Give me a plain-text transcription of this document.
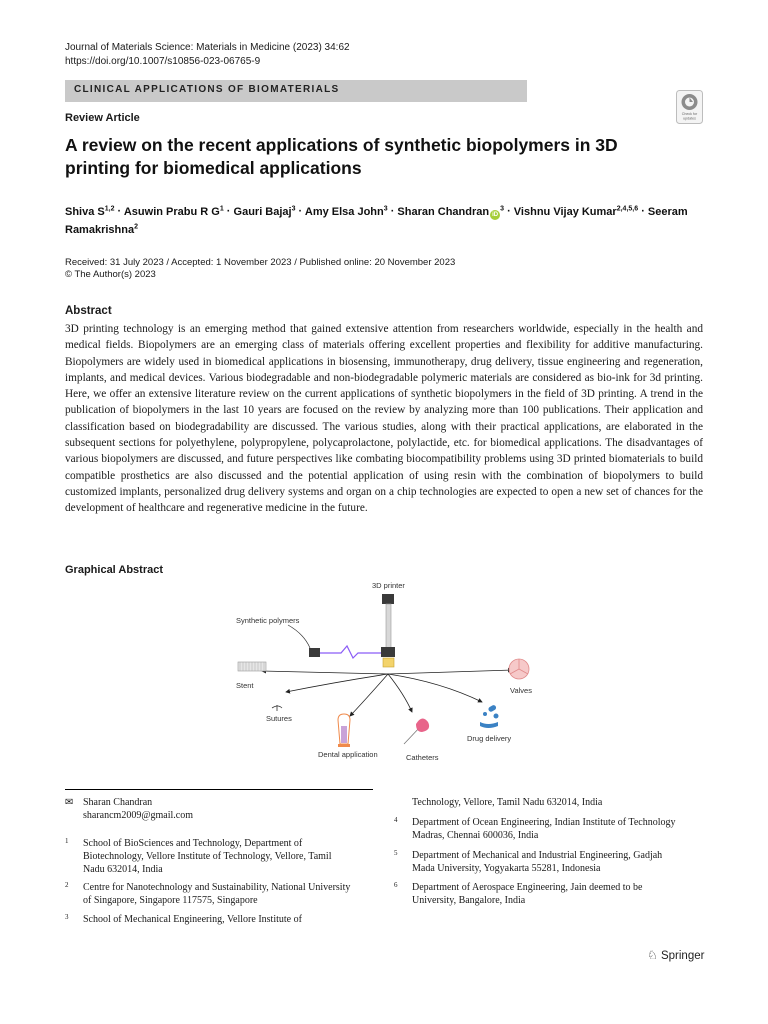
Journal of Materials Science: Materials in Medicine (2023) 34:62
https://doi.org/10.1007/s10856-023-06765-9
CLINICAL APPLICATIONS OF BIOMATERIALS
Check for
updates
Review Article
A review on the recent applications of synthetic biopolymers in 3D
printing for biomedical applications
Shiva S$^{1,2}$ · Asuwin Prabu R $G^1$ · Gauri Bajaj$^3$ · Amy Elsa John$^3$ · Sharan Chandran $iD^3$ · Vishnu Vijay Kumar$^{2,4,5,6}$ · Seeram Ramakrishna$^2$
Received: 31 July 2023 / Accepted: 1 November 2023 / Published online: 20 November 2023
© The Author(s) 2023
Abstract
3D printing technology is an emerging method that gained extensive attention from researchers worldwide, especially in the health and medical fields. Biopolymers are an emerging class of materials offering excellent properties and flexibility for additive manufacturing. Biopolymers are widely used in biomedical applications in biosensing, immunotherapy, drug delivery, tissue engineering and regeneration, implants, and medical devices. Various biodegradable and non-biodegradable polymeric materials are considered as bio-ink for 3d printing. Here, we offer an extensive literature review on the current applications of synthetic biopolymers in the field of 3D printing. A trend in the publication of biopolymers in the last 10 years are focused on the review by analyzing more than 100 publications. Their application and classification based on biodegradability are discussed. The various studies, along with their practical applications, are elaborated in the subsequent sections for polyethylene, polypropylene, polycaprolactone, polylactide, etc. for biomedical applications. The disadvantages of various biopolymers are discussed, and future perspectives like combating biocompatibility problems using 3D printed biomaterials to build compatible prosthetics are also discussed and the potential application of using resin with the combination of biopolymers to build customized implants, personalized drug delivery systems and organ on a chip technologies are expected to open a new set of chances for the development of healthcare and regenerative medicine in the future.
Graphical Abstract
3D printer
Synthetic polymers
Stent
Valves
Sutures
Dental application	Catheters
Drug delivery
✉ Sharan Chandran
sharancm2009@gmail.com
1 School of BioSciences and Technology, Department of
Biotechnology, Vellore Institute of Technology, Vellore, Tamil
Nadu 632014, India
2 Centre for Nanotechnology and Sustainability, National University
of Singapore, Singapore 117575, Singapore
3 School of Mechanical Engineering, Vellore Institute of
Technology, Vellore, Tamil Nadu 632014, India
4 Department of Ocean Engineering, Indian Institute of Technology
Madras, Chennai 600036, India
5 Department of Mechanical and Industrial Engineering, Gadjah
Mada University, Yogyakarta 55281, Indonesia
6 Department of Aerospace Engineering, Jain deemed to be
University, Bangalore, India
♘ Springer
